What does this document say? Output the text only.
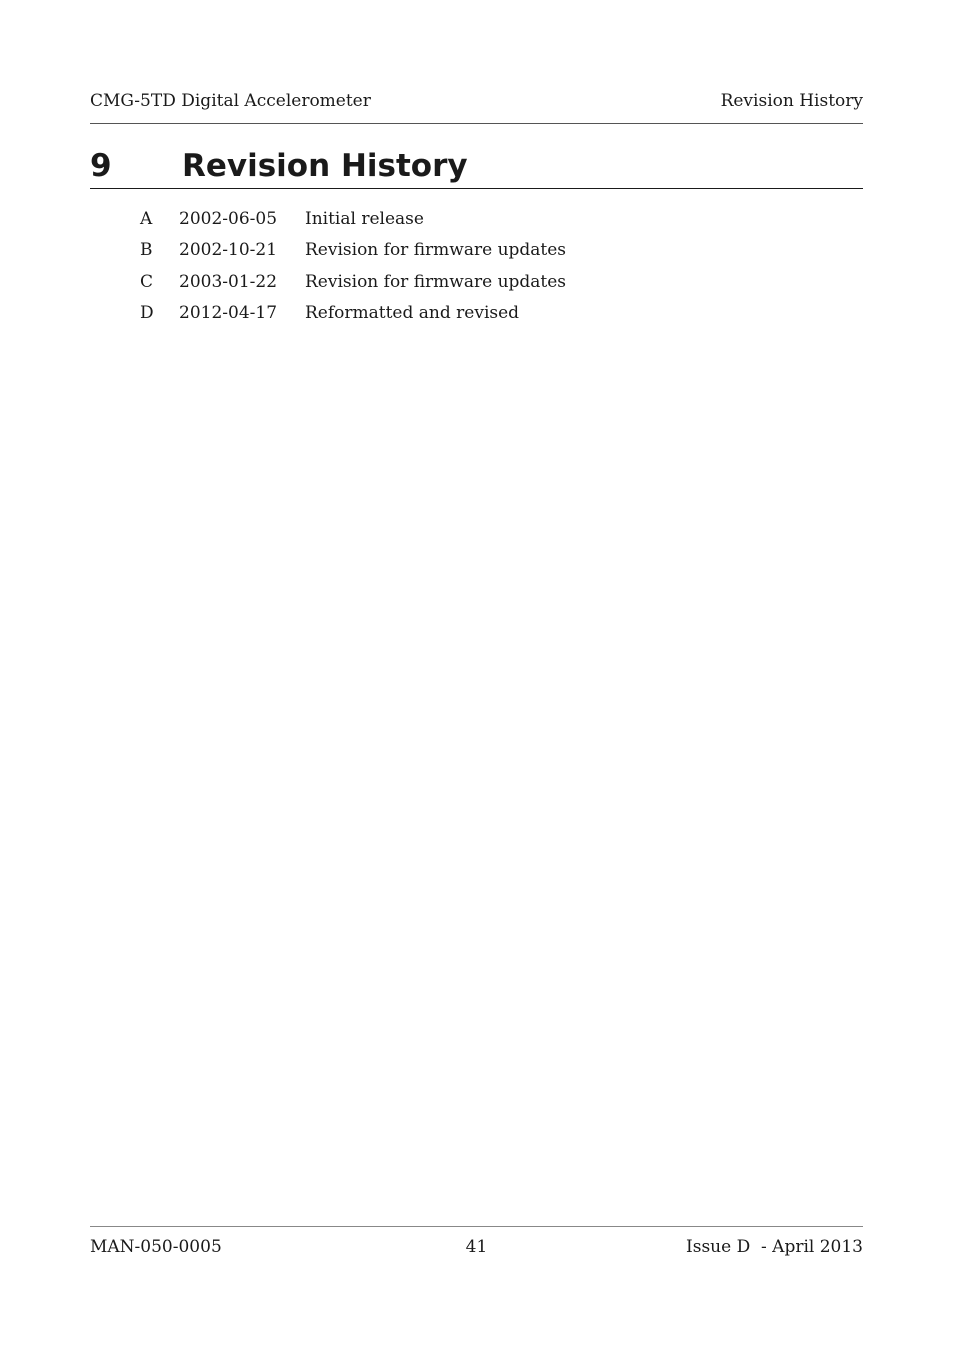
CMG-5TD Digital Accelerometer	Revision History
9	Revision History
A	2002-06-05	Initial release
B	2002-10-21	Revision for firmware updates
C	2003-01-22	Revision for firmware updates
D	2012-04-17	Reformatted and revised
MAN-050-0005	41	Issue D  - April 2013
